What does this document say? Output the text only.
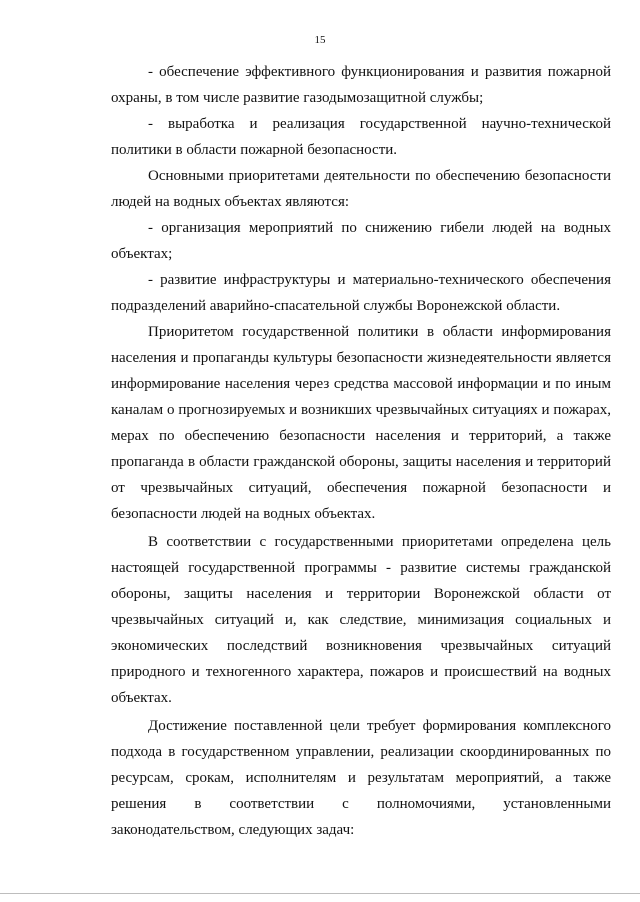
15

- обеспечение эффективного функционирования и развития пожарной охраны, в том числе развитие газодымозащитной службы;

- выработка и реализация государственной научно-технической политики в области пожарной безопасности.

Основными приоритетами деятельности по обеспечению безопасности людей на водных объектах являются:

- организация мероприятий по снижению гибели людей на водных объектах;

- развитие инфраструктуры и материально-технического обеспечения подразделений аварийно-спасательной службы Воронежской области.

Приоритетом государственной политики в области информирования населения и пропаганды культуры безопасности жизнедеятельности является информирование населения через средства массовой информации и по иным каналам о прогнозируемых и возникших чрезвычайных ситуациях и пожарах, мерах по обеспечению безопасности населения и территорий, а также пропаганда в области гражданской обороны, защиты населения и территорий от чрезвычайных ситуаций, обеспечения пожарной безопасности и безопасности людей на водных объектах.

В соответствии с государственными приоритетами определена цель настоящей государственной программы - развитие системы гражданской обороны, защиты населения и территории Воронежской области от чрезвычайных ситуаций и, как следствие, минимизация социальных и экономических последствий возникновения чрезвычайных ситуаций природного и техногенного характера, пожаров и происшествий на водных объектах.

Достижение поставленной цели требует формирования комплексного подхода в государственном управлении, реализации скоординированных по ресурсам, срокам, исполнителям и результатам мероприятий, а также решения в соответствии с полномочиями, установленными законодательством, следующих задач:
